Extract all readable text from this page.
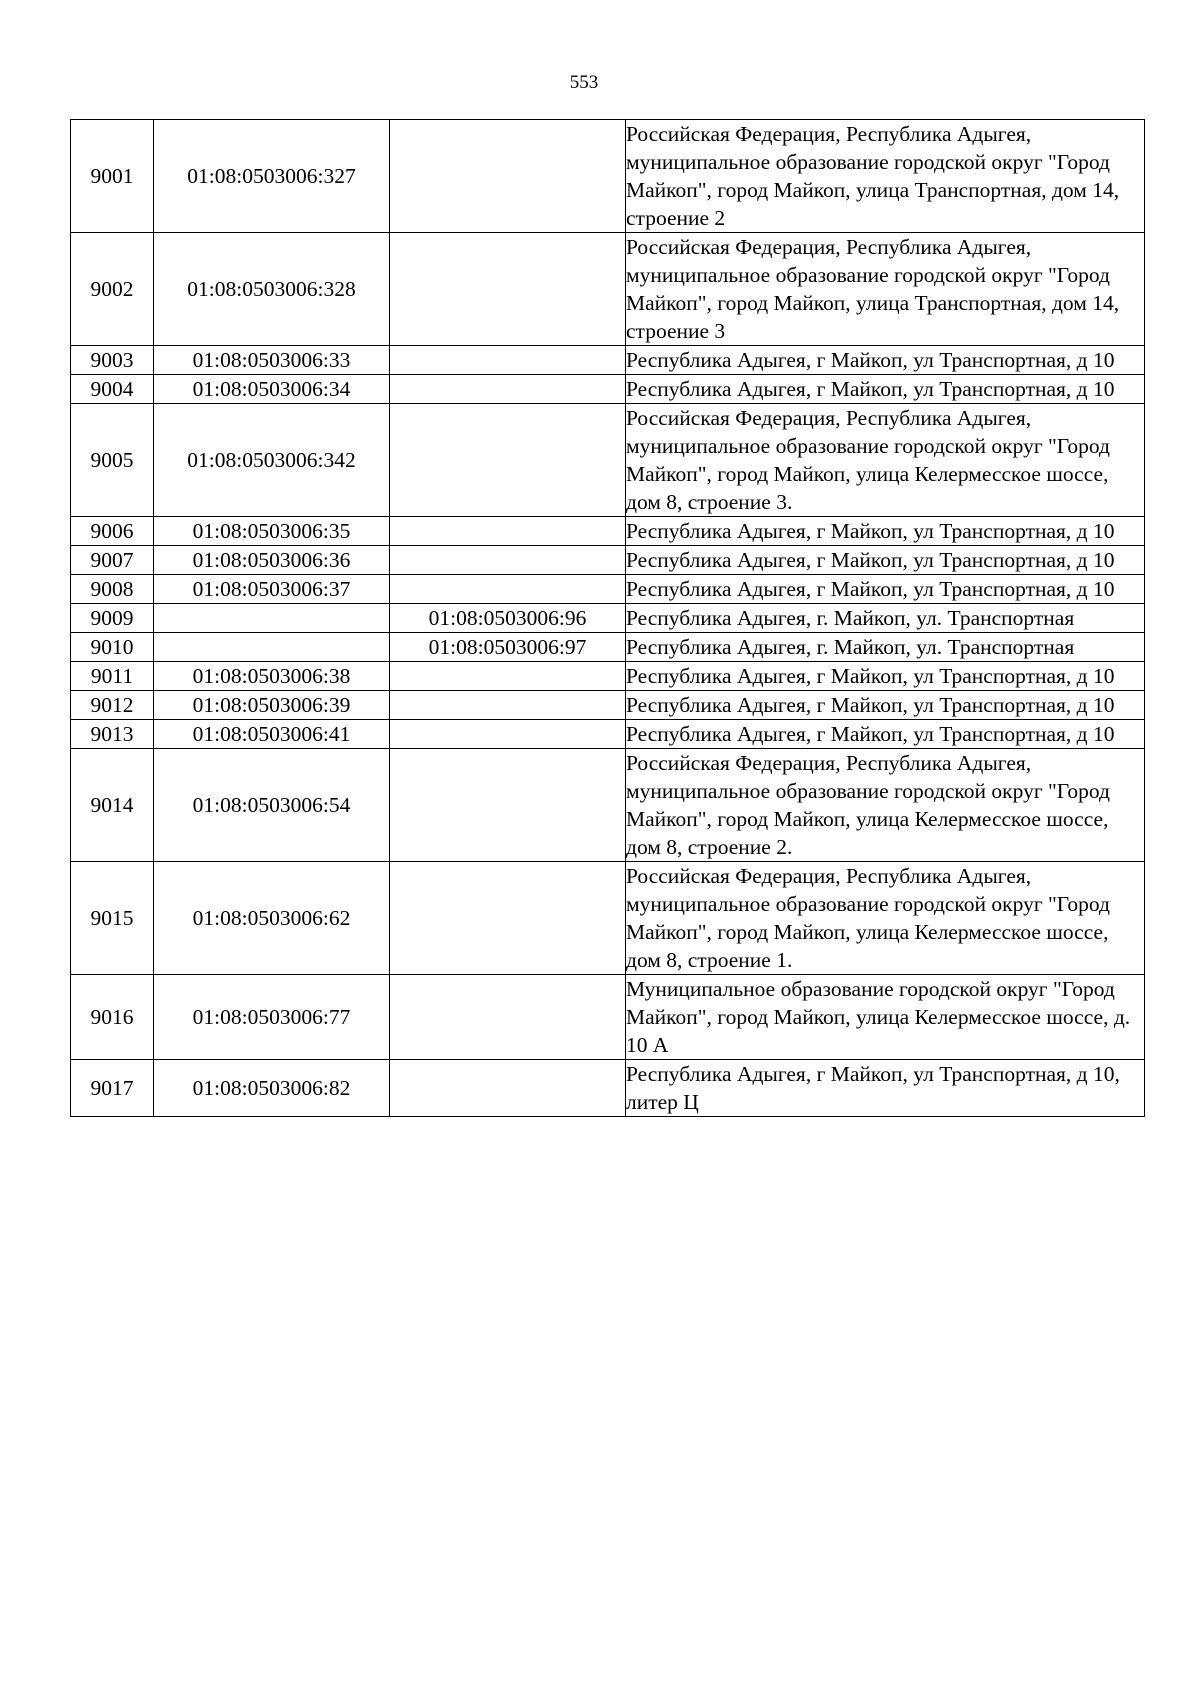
553
9001	01:08:0503006:327		Российская Федерация, Республика Адыгея, муниципальное образование городской округ "Город Майкоп", город Майкоп, улица Транспортная, дом 14, строение 2
9002	01:08:0503006:328		Российская Федерация, Республика Адыгея, муниципальное образование городской округ "Город Майкоп", город Майкоп, улица Транспортная, дом 14, строение 3
9003	01:08:0503006:33		Республика Адыгея, г Майкоп, ул Транспортная, д 10
9004	01:08:0503006:34		Республика Адыгея, г Майкоп, ул Транспортная, д 10
9005	01:08:0503006:342		Российская Федерация, Республика Адыгея, муниципальное образование городской округ "Город Майкоп", город Майкоп, улица Келермесское шоссе, дом 8, строение 3.
9006	01:08:0503006:35		Республика Адыгея, г Майкоп, ул Транспортная, д 10
9007	01:08:0503006:36		Республика Адыгея, г Майкоп, ул Транспортная, д 10
9008	01:08:0503006:37		Республика Адыгея, г Майкоп, ул Транспортная, д 10
9009		01:08:0503006:96	Республика Адыгея, г. Майкоп, ул. Транспортная
9010		01:08:0503006:97	Республика Адыгея, г. Майкоп, ул. Транспортная
9011	01:08:0503006:38		Республика Адыгея, г Майкоп, ул Транспортная, д 10
9012	01:08:0503006:39		Республика Адыгея, г Майкоп, ул Транспортная, д 10
9013	01:08:0503006:41		Республика Адыгея, г Майкоп, ул Транспортная, д 10
9014	01:08:0503006:54		Российская Федерация, Республика Адыгея, муниципальное образование городской округ "Город Майкоп", город Майкоп, улица Келермесское шоссе, дом 8, строение 2.
9015	01:08:0503006:62		Российская Федерация, Республика Адыгея, муниципальное образование городской округ "Город Майкоп", город Майкоп, улица Келермесское шоссе, дом 8, строение 1.
9016	01:08:0503006:77		Муниципальное образование городской округ "Город Майкоп", город Майкоп, улица Келермесское шоссе, д. 10 А
9017	01:08:0503006:82		Республика Адыгея, г Майкоп, ул Транспортная, д 10, литер Ц
